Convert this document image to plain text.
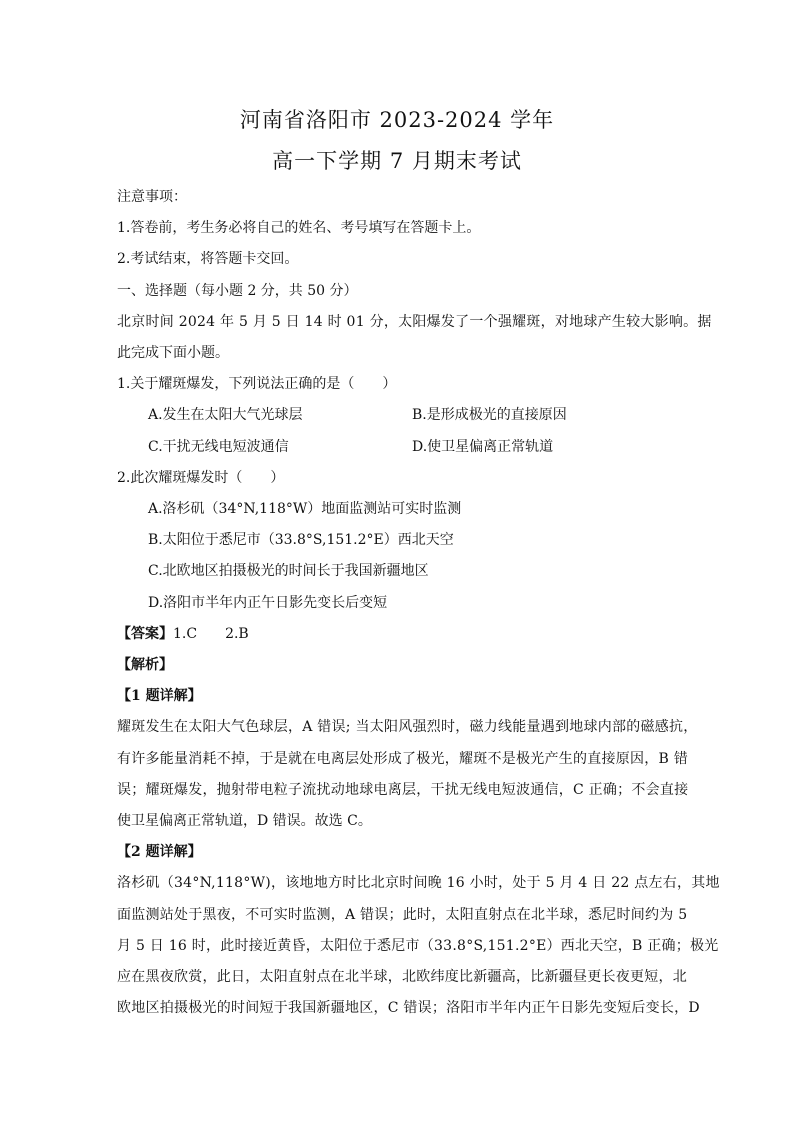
河南省洛阳市 2023-2024 学年
高一下学期 7 月期末考试
注意事项：
1.答卷前，考生务必将自己的姓名、考号填写在答题卡上。
2.考试结束，将答题卡交回。
一、选择题（每小题 2 分，共 50 分）
北京时间 2024 年 5 月 5 日 14 时 01 分，太阳爆发了一个强耀斑，对地球产生较大影响。据
此完成下面小题。
1.关于耀斑爆发，下列说法正确的是（　　）
A.发生在太阳大气光球层	B.是形成极光的直接原因
C.干扰无线电短波通信	D.使卫星偏离正常轨道
2.此次耀斑爆发时（　　）
A.洛杉矶（34°N,118°W）地面监测站可实时监测
B.太阳位于悉尼市（33.8°S,151.2°E）西北天空
C.北欧地区拍摄极光的时间长于我国新疆地区
D.洛阳市半年内正午日影先变长后变短
【答案】1.C　　2.B
【解析】
【1 题详解】
耀斑发生在太阳大气色球层，A 错误; 当太阳风强烈时，磁力线能量遇到地球内部的磁感抗，
有许多能量消耗不掉，于是就在电离层处形成了极光，耀斑不是极光产生的直接原因，B 错
误；耀斑爆发，抛射带电粒子流扰动地球电离层，干扰无线电短波通信，C 正确；不会直接
使卫星偏离正常轨道，D 错误。故选 C。
【2 题详解】
洛杉矶（34°N,118°W)，该地地方时比北京时间晚 16 小时，处于 5 月 4 日 22 点左右，其地
面监测站处于黑夜，不可实时监测，A 错误；此时，太阳直射点在北半球，悉尼时间约为 5
月 5 日 16 时，此时接近黄昏，太阳位于悉尼市（33.8°S,151.2°E）西北天空，B 正确；极光
应在黑夜欣赏，此日，太阳直射点在北半球，北欧纬度比新疆高，比新疆昼更长夜更短，北
欧地区拍摄极光的时间短于我国新疆地区，C 错误；洛阳市半年内正午日影先变短后变长，D
